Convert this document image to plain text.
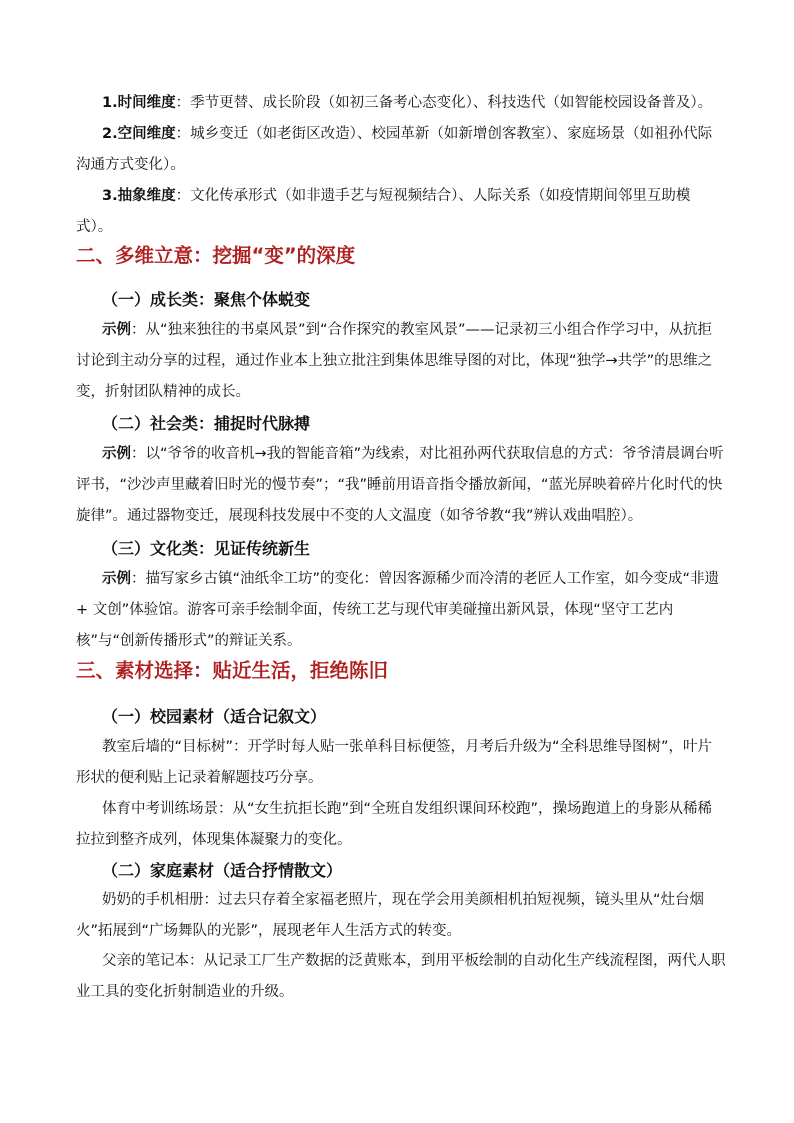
1.时间维度：季节更替、成长阶段（如初三备考心态变化）、科技迭代（如智能校园设备普及）。

2.空间维度：城乡变迁（如老街区改造）、校园革新（如新增创客教室）、家庭场景（如祖孙代际沟通方式变化）。

3.抽象维度：文化传承形式（如非遗手艺与短视频结合）、人际关系（如疫情期间邻里互助模式）。

二、多维立意：挖掘“变”的深度
（一）成长类：聚焦个体蜕变

示例：从“独来独往的书桌风景”到“合作探究的教室风景”——记录初三小组合作学习中，从抗拒讨论到主动分享的过程，通过作业本上独立批注到集体思维导图的对比，体现“独学→共学”的思维之变，折射团队精神的成长。

（二）社会类：捕捉时代脉搏

示例：以“爷爷的收音机→我的智能音箱”为线索，对比祖孙两代获取信息的方式：爷爷清晨调台听评书，“沙沙声里藏着旧时光的慢节奏”；“我”睡前用语音指令播放新闻，“蓝光屏映着碎片化时代的快旋律”。通过器物变迁，展现科技发展中不变的人文温度（如爷爷教“我”辨认戏曲唱腔）。

（三）文化类：见证传统新生

示例：描写家乡古镇“油纸伞工坊”的变化：曾因客源稀少而冷清的老匠人工作室，如今变成“非遗 + 文创”体验馆。游客可亲手绘制伞面，传统工艺与现代审美碰撞出新风景，体现“坚守工艺内核”与“创新传播形式”的辩证关系。

三、素材选择：贴近生活，拒绝陈旧
（一）校园素材（适合记叙文）

教室后墙的“目标树”：开学时每人贴一张单科目标便签，月考后升级为“全科思维导图树”，叶片形状的便利贴上记录着解题技巧分享。

体育中考训练场景：从“女生抗拒长跑”到“全班自发组织课间环校跑”，操场跑道上的身影从稀稀拉拉到整齐成列，体现集体凝聚力的变化。

（二）家庭素材（适合抒情散文）

奶奶的手机相册：过去只存着全家福老照片，现在学会用美颜相机拍短视频，镜头里从“灶台烟火”拓展到“广场舞队的光影”，展现老年人生活方式的转变。

父亲的笔记本：从记录工厂生产数据的泛黄账本，到用平板绘制的自动化生产线流程图，两代人职业工具的变化折射制造业的升级。
